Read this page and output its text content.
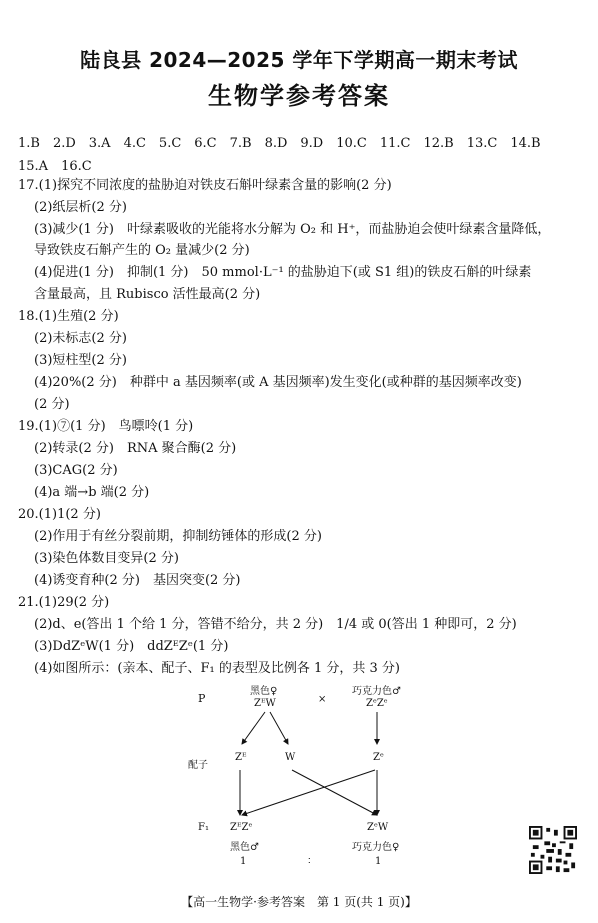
陆良县 2024—2025 学年下学期高一期末考试
生物学参考答案
1.B　2.D　3.A　4.C　5.C　6.C　7.B　8.D　9.D　10.C　11.C　12.B　13.C　14.B
15.A　16.C
17.(1)探究不同浓度的盐胁迫对铁皮石斛叶绿素含量的影响(2 分)
(2)纸层析(2 分)
(3)减少(1 分)　叶绿素吸收的光能将水分解为 O₂ 和 H⁺，而盐胁迫会使叶绿素含量降低，
导致铁皮石斛产生的 O₂ 量减少(2 分)
(4)促进(1 分)　抑制(1 分)　50 mmol·L⁻¹ 的盐胁迫下(或 S1 组)的铁皮石斛的叶绿素
含量最高，且 Rubisco 活性最高(2 分)
18.(1)生殖(2 分)
(2)未标志(2 分)
(3)短柱型(2 分)
(4)20%(2 分)　种群中 a 基因频率(或 A 基因频率)发生变化(或种群的基因频率改变)
(2 分)
19.(1)⑦(1 分)　鸟嘌呤(1 分)
(2)转录(2 分)　RNA 聚合酶(2 分)
(3)CAG(2 分)
(4)a 端→b 端(2 分)
20.(1)1(2 分)
(2)作用于有丝分裂前期，抑制纺锤体的形成(2 分)
(3)染色体数目变异(2 分)
(4)诱变育种(2 分)　基因突变(2 分)
21.(1)29(2 分)
(2)d、e(答出 1 个给 1 分，答错不给分，共 2 分)　1/4 或 0(答出 1 种即可，2 分)
(3)DdZᵉW(1 分)　ddZᴱZᵉ(1 分)
(4)如图所示：(亲本、配子、F₁ 的表型及比例各 1 分，共 3 分)
P
黑色♀
ZᴱW	×
巧克力色♂
ZᵉZᵉ
配子
Zᴱ	W	Zᵉ
F₁ ZᴱZᵉ
黑色♂
ZᵉW
巧克力色♀
1	∶	1
【高一生物学·参考答案　第 1 页(共 1 页)】
